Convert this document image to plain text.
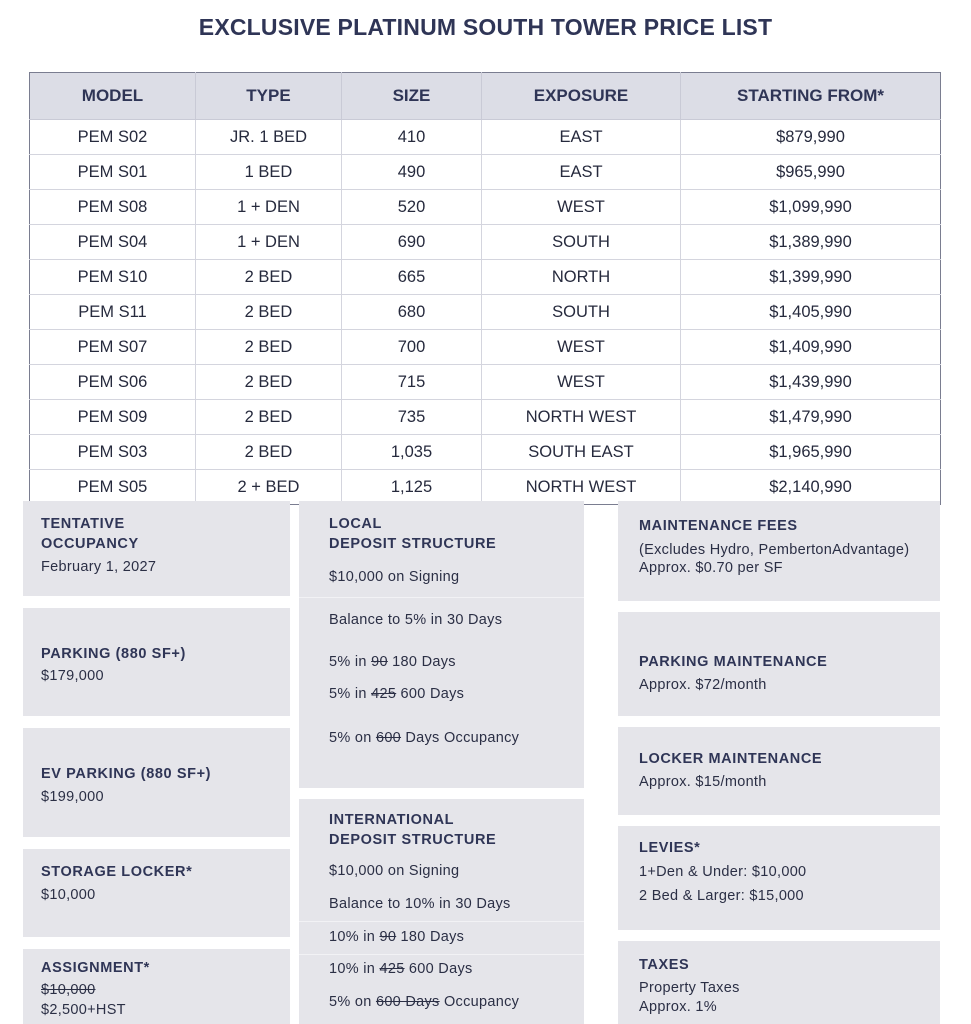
EXCLUSIVE PLATINUM SOUTH TOWER PRICE LIST
MODEL	TYPE	SIZE	EXPOSURE	STARTING FROM*
PEM S02	JR. 1 BED	410	EAST	$879,990
PEM S01	1 BED	490	EAST	$965,990
PEM S08	1 + DEN	520	WEST	$1,099,990
PEM S04	1 + DEN	690	SOUTH	$1,389,990
PEM S10	2 BED	665	NORTH	$1,399,990
PEM S11	2 BED	680	SOUTH	$1,405,990
PEM S07	2 BED	700	WEST	$1,409,990
PEM S06	2 BED	715	WEST	$1,439,990
PEM S09	2 BED	735	NORTH WEST	$1,479,990
PEM S03	2 BED	1,035	SOUTH EAST	$1,965,990
PEM S05	2 + BED	1,125	NORTH WEST	$2,140,990
TENTATIVE
OCCUPANCY
February 1, 2027
PARKING (880 SF+)
$179,000
EV PARKING (880 SF+)
$199,000
STORAGE LOCKER*
$10,000
ASSIGNMENT*
$10,000
$2,500+HST
LOCAL
DEPOSIT STRUCTURE
$10,000 on Signing
Balance to 5% in 30 Days
5% in 90 180 Days
5% in 425 600 Days
5% on 600 Days Occupancy
INTERNATIONAL
DEPOSIT STRUCTURE
$10,000 on Signing
Balance to 10% in 30 Days
10% in 90 180 Days
10% in 425 600 Days
5% on 600 Days Occupancy
MAINTENANCE FEES
(Excludes Hydro, PembertonAdvantage)
Approx. $0.70 per SF
PARKING MAINTENANCE
Approx. $72/month
LOCKER MAINTENANCE
Approx. $15/month
LEVIES*
1+Den & Under: $10,000
2 Bed & Larger: $15,000
TAXES
Property Taxes
Approx. 1%
